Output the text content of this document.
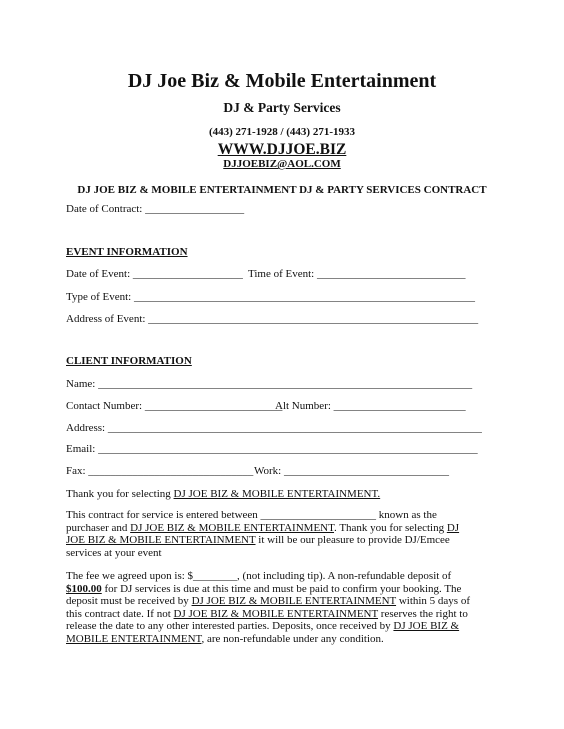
DJ Joe Biz & Mobile Entertainment
DJ & Party Services
(443) 271-1928 / (443) 271-1933
WWW.DJJOE.BIZ
DJJOEBIZ@AOL.COM
DJ JOE BIZ & MOBILE ENTERTAINMENT DJ & PARTY SERVICES CONTRACT
Date of Contract: __________________
EVENT INFORMATION
Date of Event: ____________________ Time of Event: ___________________________
Type of Event: ______________________________________________________________
Address of Event: ____________________________________________________________
CLIENT INFORMATION
Name: ____________________________________________________________________
Contact Number: _________________________
Alt Number: ________________________
Address: ____________________________________________________________________
Email: _____________________________________________________________________
Fax: ______________________________ Work: ______________________________
Thank you for selecting DJ JOE BIZ & MOBILE ENTERTAINMENT.
This contract for service is entered between _____________________ known as the purchaser and DJ JOE BIZ & MOBILE ENTERTAINMENT. Thank you for selecting DJ JOE BIZ & MOBILE ENTERTAINMENT it will be our pleasure to provide DJ/Emcee services at your event
The fee we agreed upon is: $________, (not including tip). A non-refundable deposit of $100.00 for DJ services is due at this time and must be paid to confirm your booking. The deposit must be received by DJ JOE BIZ & MOBILE ENTERTAINMENT within 5 days of this contract date. If not DJ JOE BIZ & MOBILE ENTERTAINMENT reserves the right to release the date to any other interested parties. Deposits, once received by DJ JOE BIZ & MOBILE ENTERTAINMENT, are non-refundable under any condition.
